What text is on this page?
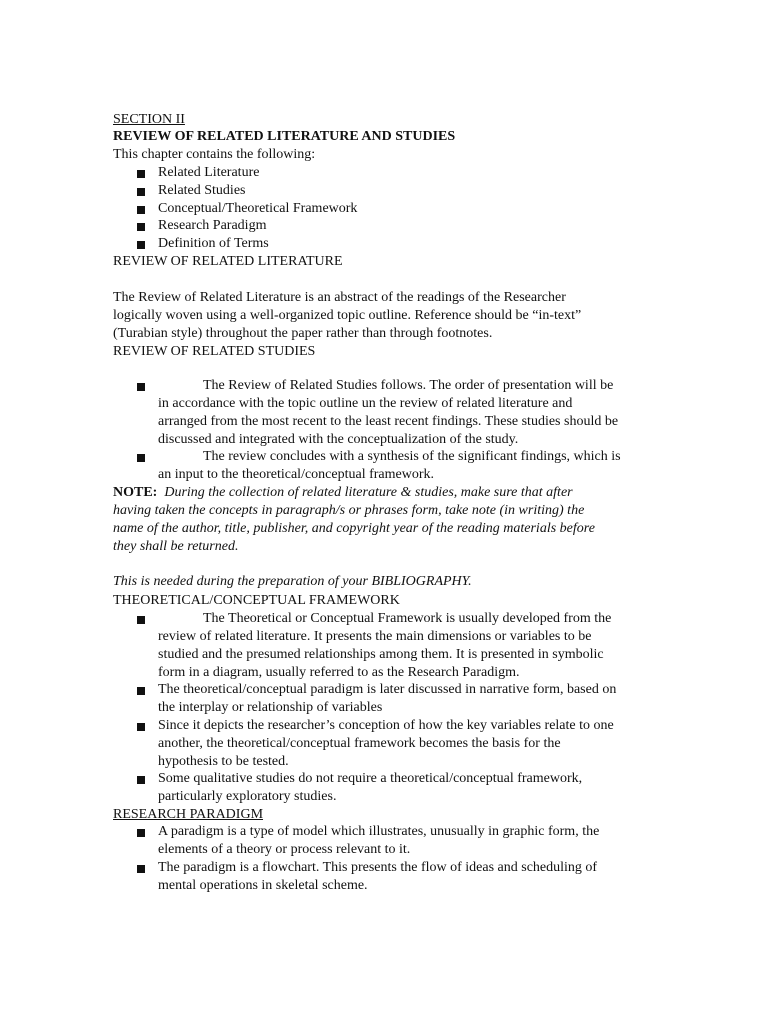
SECTION II
REVIEW OF RELATED LITERATURE AND STUDIES
This chapter contains the following:
Related Literature
Related Studies
Conceptual/Theoretical Framework
Research Paradigm
Definition of Terms
REVIEW OF RELATED LITERATURE
The Review of Related Literature is an abstract of the readings of the Researcher
logically woven using a well-organized topic outline. Reference should be “in-text”
(Turabian style) throughout the paper rather than through footnotes.
REVIEW OF RELATED STUDIES
The Review of Related Studies follows. The order of presentation will be
in accordance with the topic outline un the review of related literature and
arranged from the most recent to the least recent findings. These studies should be
discussed and integrated with the conceptualization of the study.
The review concludes with a synthesis of the significant findings, which is
an input to the theoretical/conceptual framework.
NOTE: During the collection of related literature & studies, make sure that after
having taken the concepts in paragraph/s or phrases form, take note (in writing) the
name of the author, title, publisher, and copyright year of the reading materials before
they shall be returned.
This is needed during the preparation of your BIBLIOGRAPHY.
THEORETICAL/CONCEPTUAL FRAMEWORK
The Theoretical or Conceptual Framework is usually developed from the
review of related literature. It presents the main dimensions or variables to be
studied and the presumed relationships among them. It is presented in symbolic
form in a diagram, usually referred to as the Research Paradigm.
The theoretical/conceptual paradigm is later discussed in narrative form, based on
the interplay or relationship of variables
Since it depicts the researcher’s conception of how the key variables relate to one
another, the theoretical/conceptual framework becomes the basis for the
hypothesis to be tested.
Some qualitative studies do not require a theoretical/conceptual framework,
particularly exploratory studies.
RESEARCH PARADIGM
A paradigm is a type of model which illustrates, unusually in graphic form, the
elements of a theory or process relevant to it.
The paradigm is a flowchart. This presents the flow of ideas and scheduling of
mental operations in skeletal scheme.
